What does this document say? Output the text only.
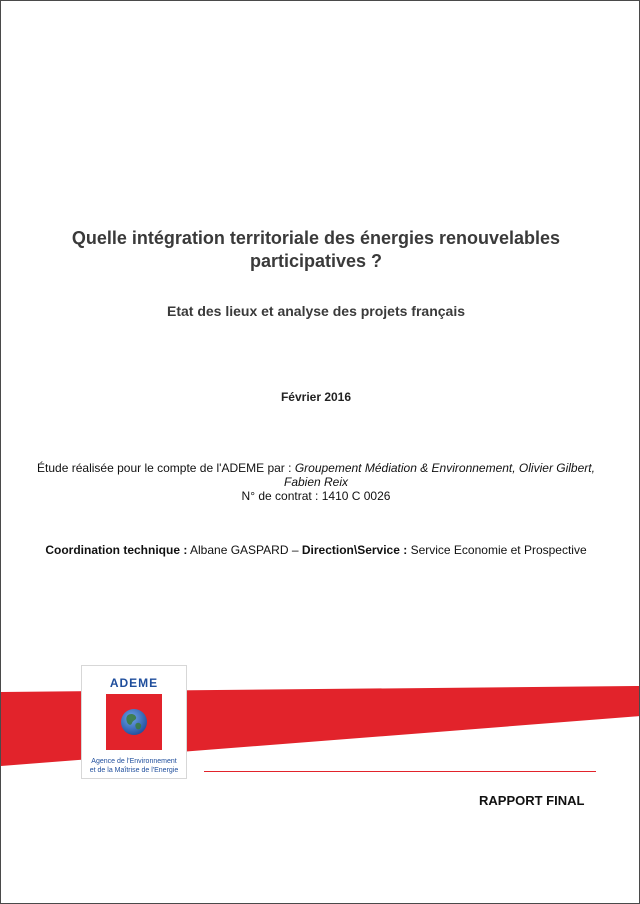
Quelle intégration territoriale des énergies renouvelables
participatives ?
Etat des lieux et analyse des projets français
Février 2016
Étude réalisée pour le compte de l'ADEME par : Groupement Médiation & Environnement, Olivier Gilbert,
Fabien Reix
N° de contrat : 1410 C 0026
Coordination technique : Albane GASPARD – Direction\Service : Service Economie et Prospective
ADEME
Agence de l'Environnement
et de la Maîtrise de l'Energie
RAPPORT FINAL
